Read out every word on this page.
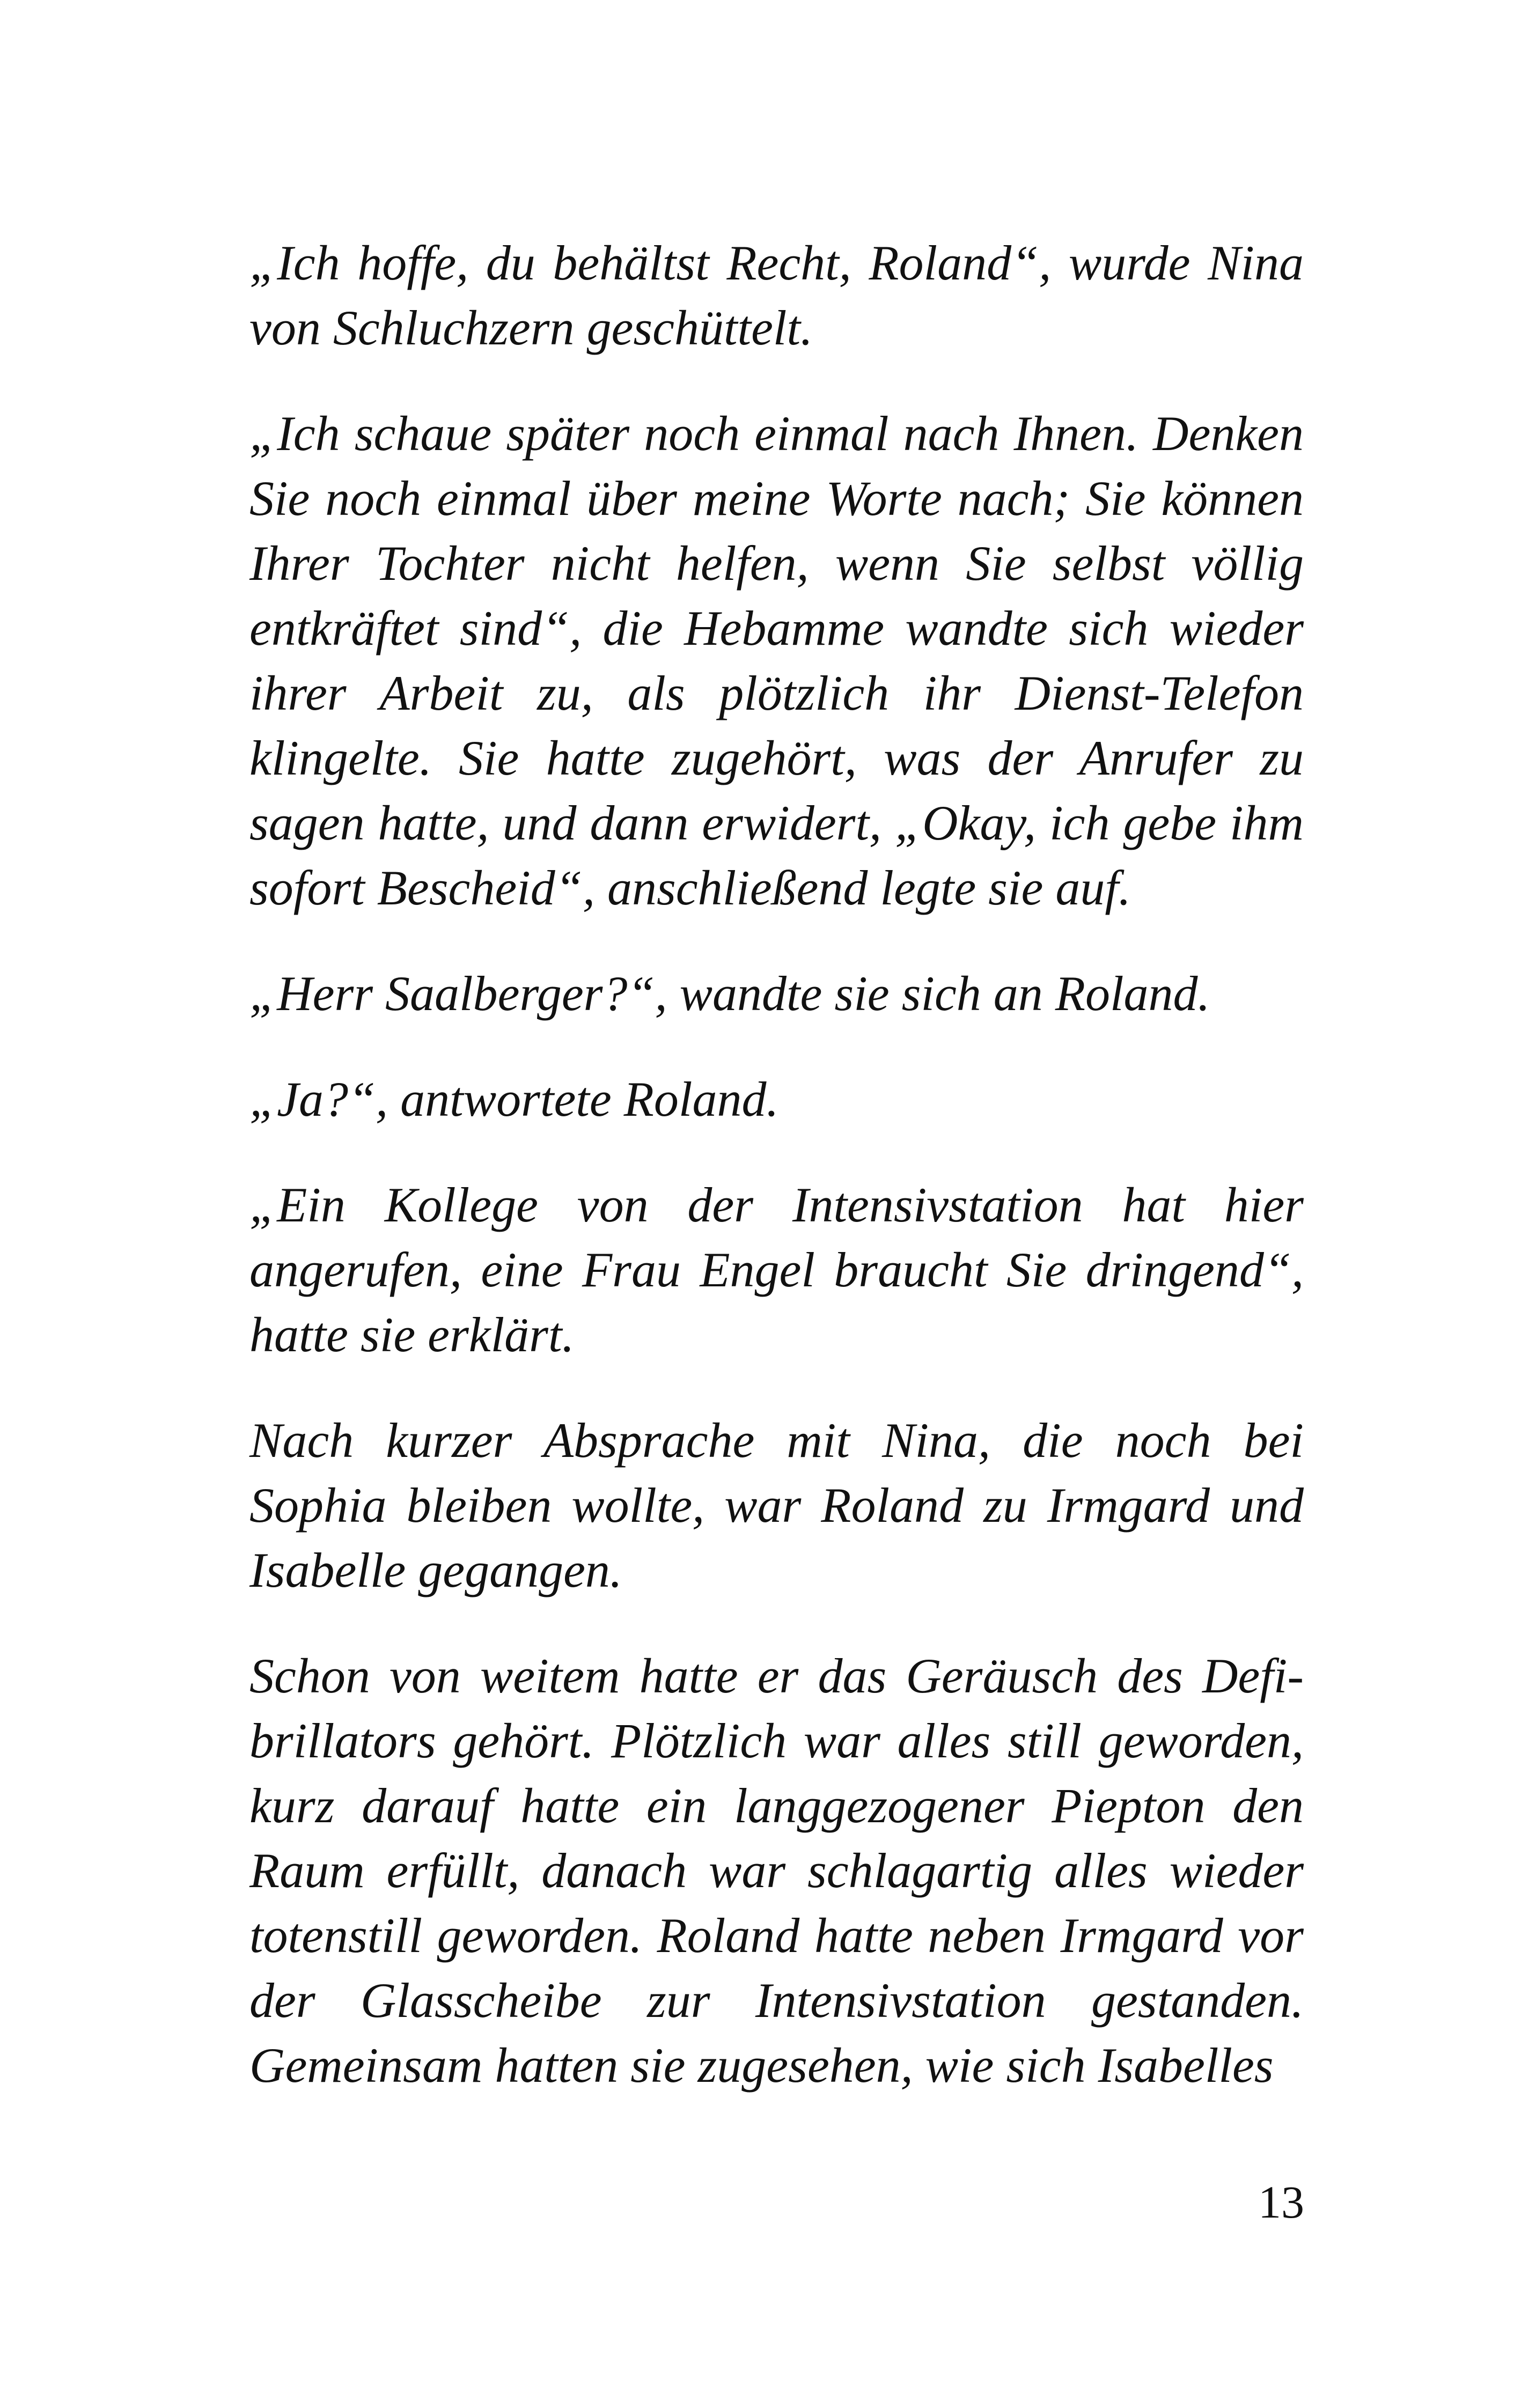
„Ich hoffe, du behältst Recht, Roland“, wurde Nina von Schluchzern geschüttelt.

„Ich schaue später noch einmal nach Ihnen. Denken Sie noch einmal über meine Worte nach; Sie können Ihrer Tochter nicht helfen, wenn Sie selbst völlig entkräftet sind“, die Hebamme wandte sich wieder ihrer Arbeit zu, als plötzlich ihr Dienst-Telefon klingelte. Sie hatte zugehört, was der Anrufer zu sagen hatte, und dann erwidert, „Okay, ich gebe ihm sofort Bescheid“, anschließend legte sie auf.

„Herr Saalberger?“, wandte sie sich an Roland.

„Ja?“, antwortete Roland.

„Ein Kollege von der Intensivstation hat hier angerufen, eine Frau Engel braucht Sie dringend“, hatte sie erklärt.

Nach kurzer Absprache mit Nina, die noch bei Sophia bleiben wollte, war Roland zu Irmgard und Isabelle gegangen.

Schon von weitem hatte er das Geräusch des Defibrillators gehört. Plötzlich war alles still geworden, kurz darauf hatte ein langgezogener Piepton den Raum erfüllt, danach war schlagartig alles wieder totenstill geworden. Roland hatte neben Irmgard vor der Glasscheibe zur Intensivstation gestanden. Gemeinsam hatten sie zugesehen, wie sich Isabelles

13
